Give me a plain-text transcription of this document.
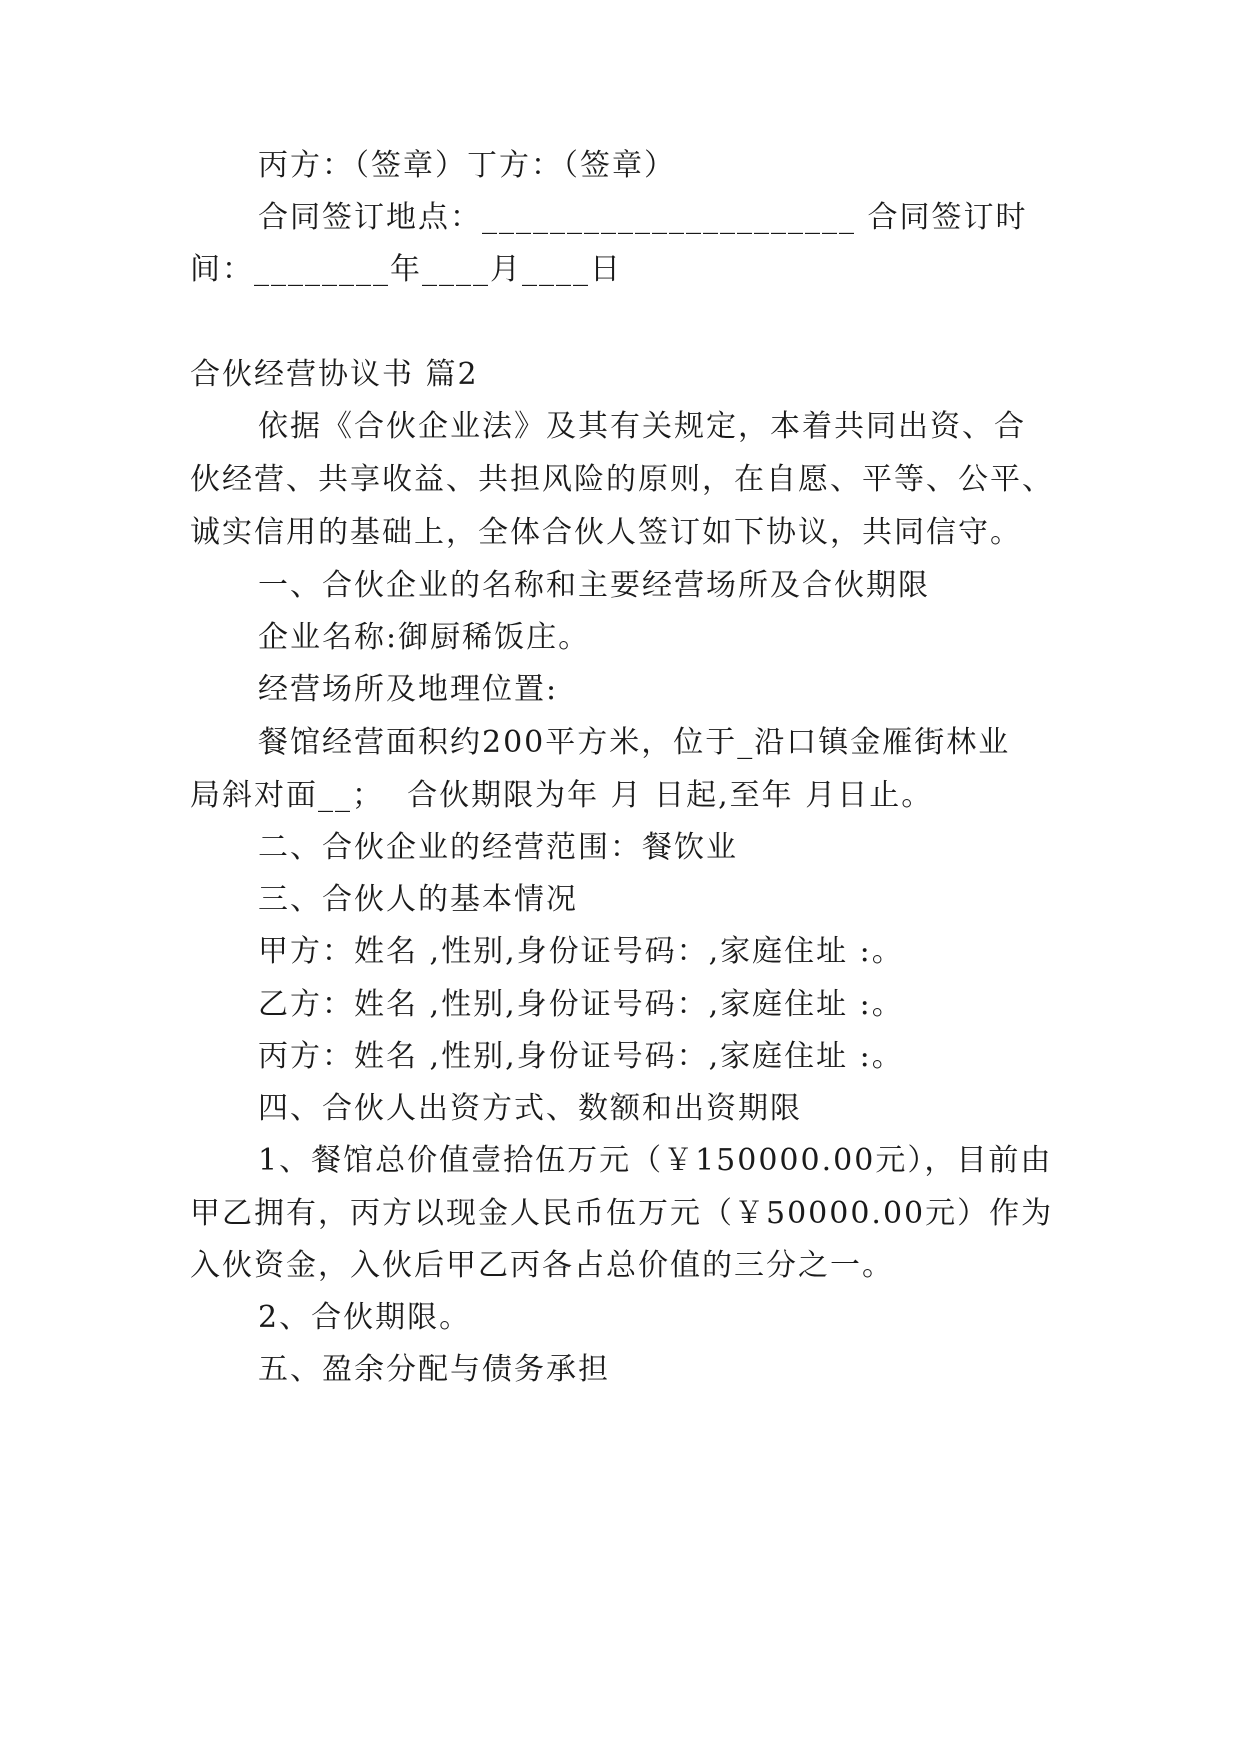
丙方：（签章）丁方：（签章）
合同签订地点：______________________ 合同签订时
间：________年____月____日
合伙经营协议书 篇2
依据《合伙企业法》及其有关规定，本着共同出资、合
伙经营、共享收益、共担风险的原则，在自愿、平等、公平、
诚实信用的基础上，全体合伙人签订如下协议，共同信守。
一、合伙企业的名称和主要经营场所及合伙期限
企业名称:御厨稀饭庄。
经营场所及地理位置:
餐馆经营面积约200平方米，位于_沿口镇金雁街林业
局斜对面__；  合伙期限为年 月 日起,至年 月日止。
二、合伙企业的经营范围：餐饮业
三、合伙人的基本情况
甲方：姓名 ,性别,身份证号码：,家庭住址 :。
乙方：姓名 ,性别,身份证号码：,家庭住址 :。
丙方：姓名 ,性别,身份证号码：,家庭住址 :。
四、合伙人出资方式、数额和出资期限
1、餐馆总价值壹拾伍万元（￥150000.00元），目前由
甲乙拥有，丙方以现金人民币伍万元（￥50000.00元）作为
入伙资金，入伙后甲乙丙各占总价值的三分之一。
2、合伙期限。
五、盈余分配与债务承担
